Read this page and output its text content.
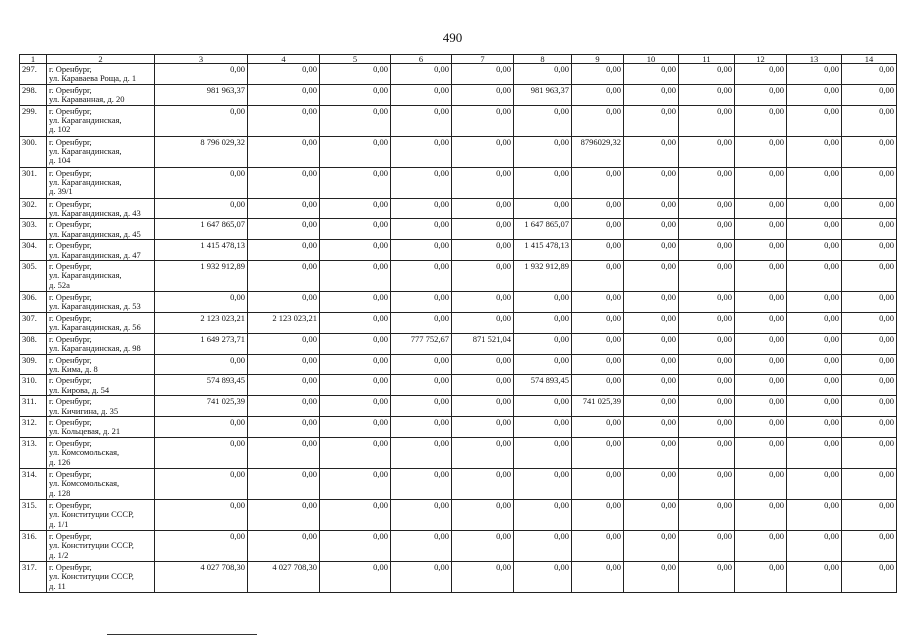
490
1	2	3	4	5	6	7	8	9	10	11	12	13	14
297.	г. Оренбург,
ул. Караваева Роща, д. 1	0,00	0,00	0,00	0,00	0,00	0,00	0,00	0,00	0,00	0,00	0,00	0,00
298.	г. Оренбург,
ул. Караванная, д. 20	981 963,37	0,00	0,00	0,00	0,00	981 963,37	0,00	0,00	0,00	0,00	0,00	0,00
299.	г. Оренбург,
ул. Карагандинская,
д. 102	0,00	0,00	0,00	0,00	0,00	0,00	0,00	0,00	0,00	0,00	0,00	0,00
300.	г. Оренбург,
ул. Карагандинская,
д. 104	8 796 029,32	0,00	0,00	0,00	0,00	0,00	8796029,32	0,00	0,00	0,00	0,00	0,00
301.	г. Оренбург,
ул. Карагандинская,
д. 39/1	0,00	0,00	0,00	0,00	0,00	0,00	0,00	0,00	0,00	0,00	0,00	0,00
302.	г. Оренбург,
ул. Карагандинская, д. 43	0,00	0,00	0,00	0,00	0,00	0,00	0,00	0,00	0,00	0,00	0,00	0,00
303.	г. Оренбург,
ул. Карагандинская, д. 45	1 647 865,07	0,00	0,00	0,00	0,00	1 647 865,07	0,00	0,00	0,00	0,00	0,00	0,00
304.	г. Оренбург,
ул. Карагандинская, д. 47	1 415 478,13	0,00	0,00	0,00	0,00	1 415 478,13	0,00	0,00	0,00	0,00	0,00	0,00
305.	г. Оренбург,
ул. Карагандинская,
д. 52а	1 932 912,89	0,00	0,00	0,00	0,00	1 932 912,89	0,00	0,00	0,00	0,00	0,00	0,00
306.	г. Оренбург,
ул. Карагандинская, д. 53	0,00	0,00	0,00	0,00	0,00	0,00	0,00	0,00	0,00	0,00	0,00	0,00
307.	г. Оренбург,
ул. Карагандинская, д. 56	2 123 023,21	2 123 023,21	0,00	0,00	0,00	0,00	0,00	0,00	0,00	0,00	0,00	0,00
308.	г. Оренбург,
ул. Карагандинская, д. 98	1 649 273,71	0,00	0,00	777 752,67	871 521,04	0,00	0,00	0,00	0,00	0,00	0,00	0,00
309.	г. Оренбург,
ул. Кима, д. 8	0,00	0,00	0,00	0,00	0,00	0,00	0,00	0,00	0,00	0,00	0,00	0,00
310.	г. Оренбург,
ул. Кирова, д. 54	574 893,45	0,00	0,00	0,00	0,00	574 893,45	0,00	0,00	0,00	0,00	0,00	0,00
311.	г. Оренбург,
ул. Кичигина, д. 35	741 025,39	0,00	0,00	0,00	0,00	0,00	741 025,39	0,00	0,00	0,00	0,00	0,00
312.	г. Оренбург,
ул. Кольцевая, д. 21	0,00	0,00	0,00	0,00	0,00	0,00	0,00	0,00	0,00	0,00	0,00	0,00
313.	г. Оренбург,
ул. Комсомольская,
д. 126	0,00	0,00	0,00	0,00	0,00	0,00	0,00	0,00	0,00	0,00	0,00	0,00
314.	г. Оренбург,
ул. Комсомольская,
д. 128	0,00	0,00	0,00	0,00	0,00	0,00	0,00	0,00	0,00	0,00	0,00	0,00
315.	г. Оренбург,
ул. Конституции СССР,
д. 1/1	0,00	0,00	0,00	0,00	0,00	0,00	0,00	0,00	0,00	0,00	0,00	0,00
316.	г. Оренбург,
ул. Конституции СССР,
д. 1/2	0,00	0,00	0,00	0,00	0,00	0,00	0,00	0,00	0,00	0,00	0,00	0,00
317.	г. Оренбург,
ул. Конституции СССР,
д. 11	4 027 708,30	4 027 708,30	0,00	0,00	0,00	0,00	0,00	0,00	0,00	0,00	0,00	0,00
